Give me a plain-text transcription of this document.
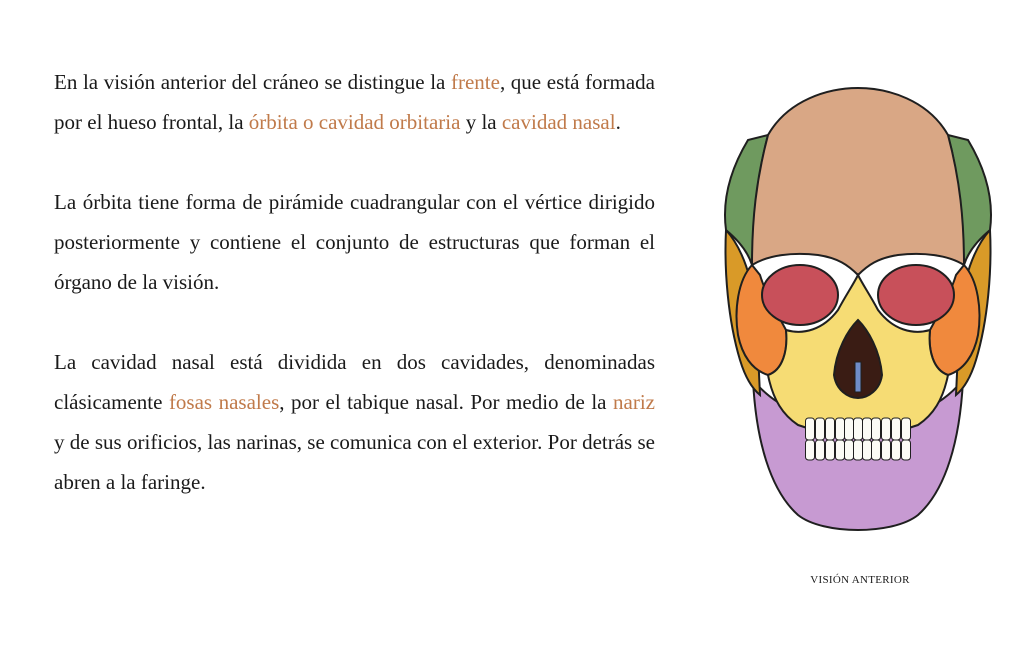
En la visión anterior del cráneo se distingue la frente, que está formada por el hueso frontal, la órbita o cavidad orbitaria y la cavidad nasal.

La órbita tiene forma de pirámide cuadrangular con el vértice dirigido posteriormente y contiene el conjunto de estructuras que forman el órgano de la visión.

La cavidad nasal está dividida en dos cavidades, denominadas clásicamente fosas nasales, por el tabique nasal. Por medio de la nariz y de sus orificios, las narinas, se comunica con el exterior. Por detrás se abren a la faringe.

VISIÓN ANTERIOR
